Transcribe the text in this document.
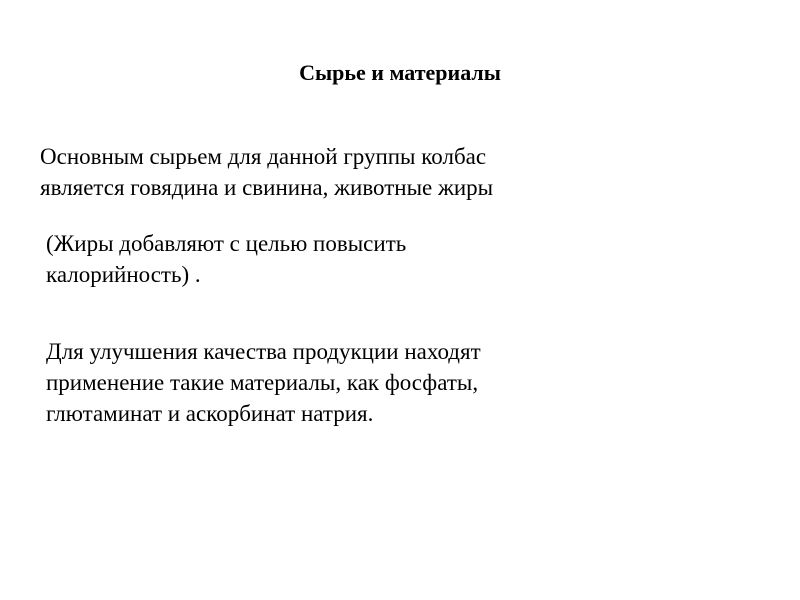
Сырье и материалы

Основным сырьем для данной группы колбас
является говядина и свинина, животные жиры

(Жиры добавляют с целью повысить
калорийность) .

Для улучшения качества продукции находят
применение такие материалы, как фосфаты,
глютаминат и аскорбинат натрия.
